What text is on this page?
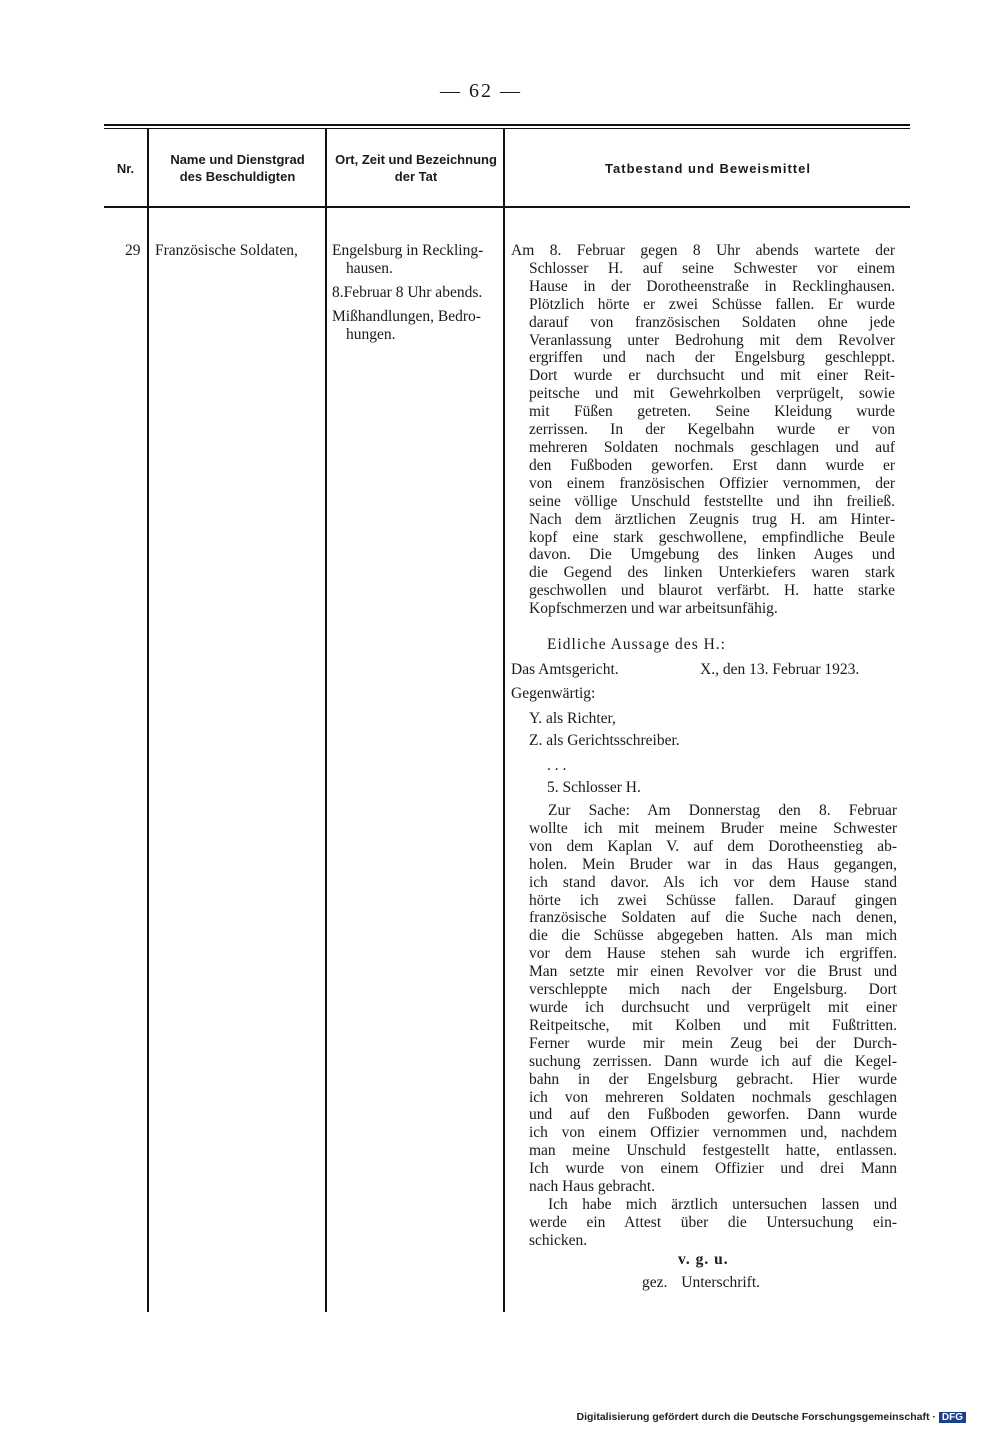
— 62 —
Nr.
Name und Dienstgrad des Beschuldigten
Ort, Zeit und Bezeichnung der Tat
Tatbestand und Beweismittel
29 Französische Soldaten, Engelsburg in Reckling-
hausen.
8.Februar 8 Uhr abends.
Mißhandlungen, Bedro-
hungen.
Am 8. Februar gegen 8 Uhr abends wartete der
Schlosser H. auf seine Schwester vor einem
Hause in der Dorotheenstraße in Recklinghausen.
Plötzlich hörte er zwei Schüsse fallen. Er wurde
darauf von französischen Soldaten ohne jede
Veranlassung unter Bedrohung mit dem Revolver
ergriffen und nach der Engelsburg geschleppt.
Dort wurde er durchsucht und mit einer Reit-
peitsche und mit Gewehrkolben verprügelt, sowie
mit Füßen getreten. Seine Kleidung wurde
zerrissen. In der Kegelbahn wurde er von
mehreren Soldaten nochmals geschlagen und auf
den Fußboden geworfen. Erst dann wurde er
von einem französischen Offizier vernommen, der
seine völlige Unschuld feststellte und ihn freiließ.
Nach dem ärztlichen Zeugnis trug H. am Hinter-
kopf eine stark geschwollene, empfindliche Beule
davon. Die Umgebung des linken Auges und
die Gegend des linken Unterkiefers waren stark
geschwollen und blaurot verfärbt. H. hatte starke
Kopfschmerzen und war arbeitsunfähig.
Eidliche Aussage des H.:
Das Amtsgericht.	X., den 13. Februar 1923.
Gegenwärtig:
Y. als Richter,
Z. als Gerichtsschreiber.
. . .
5. Schlosser H.
Zur Sache: Am Donnerstag den 8. Februar
wollte ich mit meinem Bruder meine Schwester
von dem Kaplan V. auf dem Dorotheenstieg ab-
holen. Mein Bruder war in das Haus gegangen,
ich stand davor. Als ich vor dem Hause stand
hörte ich zwei Schüsse fallen. Darauf gingen
französische Soldaten auf die Suche nach denen,
die die Schüsse abgegeben hatten. Als man mich
vor dem Hause stehen sah wurde ich ergriffen.
Man setzte mir einen Revolver vor die Brust und
verschleppte mich nach der Engelsburg. Dort
wurde ich durchsucht und verprügelt mit einer
Reitpeitsche, mit Kolben und mit Fußtritten.
Ferner wurde mir mein Zeug bei der Durch-
suchung zerrissen. Dann wurde ich auf die Kegel-
bahn in der Engelsburg gebracht. Hier wurde
ich von mehreren Soldaten nochmals geschlagen
und auf den Fußboden geworfen. Dann wurde
ich von einem Offizier vernommen und, nachdem
man meine Unschuld festgestellt hatte, entlassen.
Ich wurde von einem Offizier und drei Mann
nach Haus gebracht.
Ich habe mich ärztlich untersuchen lassen und
werde ein Attest über die Untersuchung ein-
schicken.
v. g. u.
gez. Unterschrift.
Digitalisierung gefördert durch die Deutsche Forschungsgemeinschaft · DFG
